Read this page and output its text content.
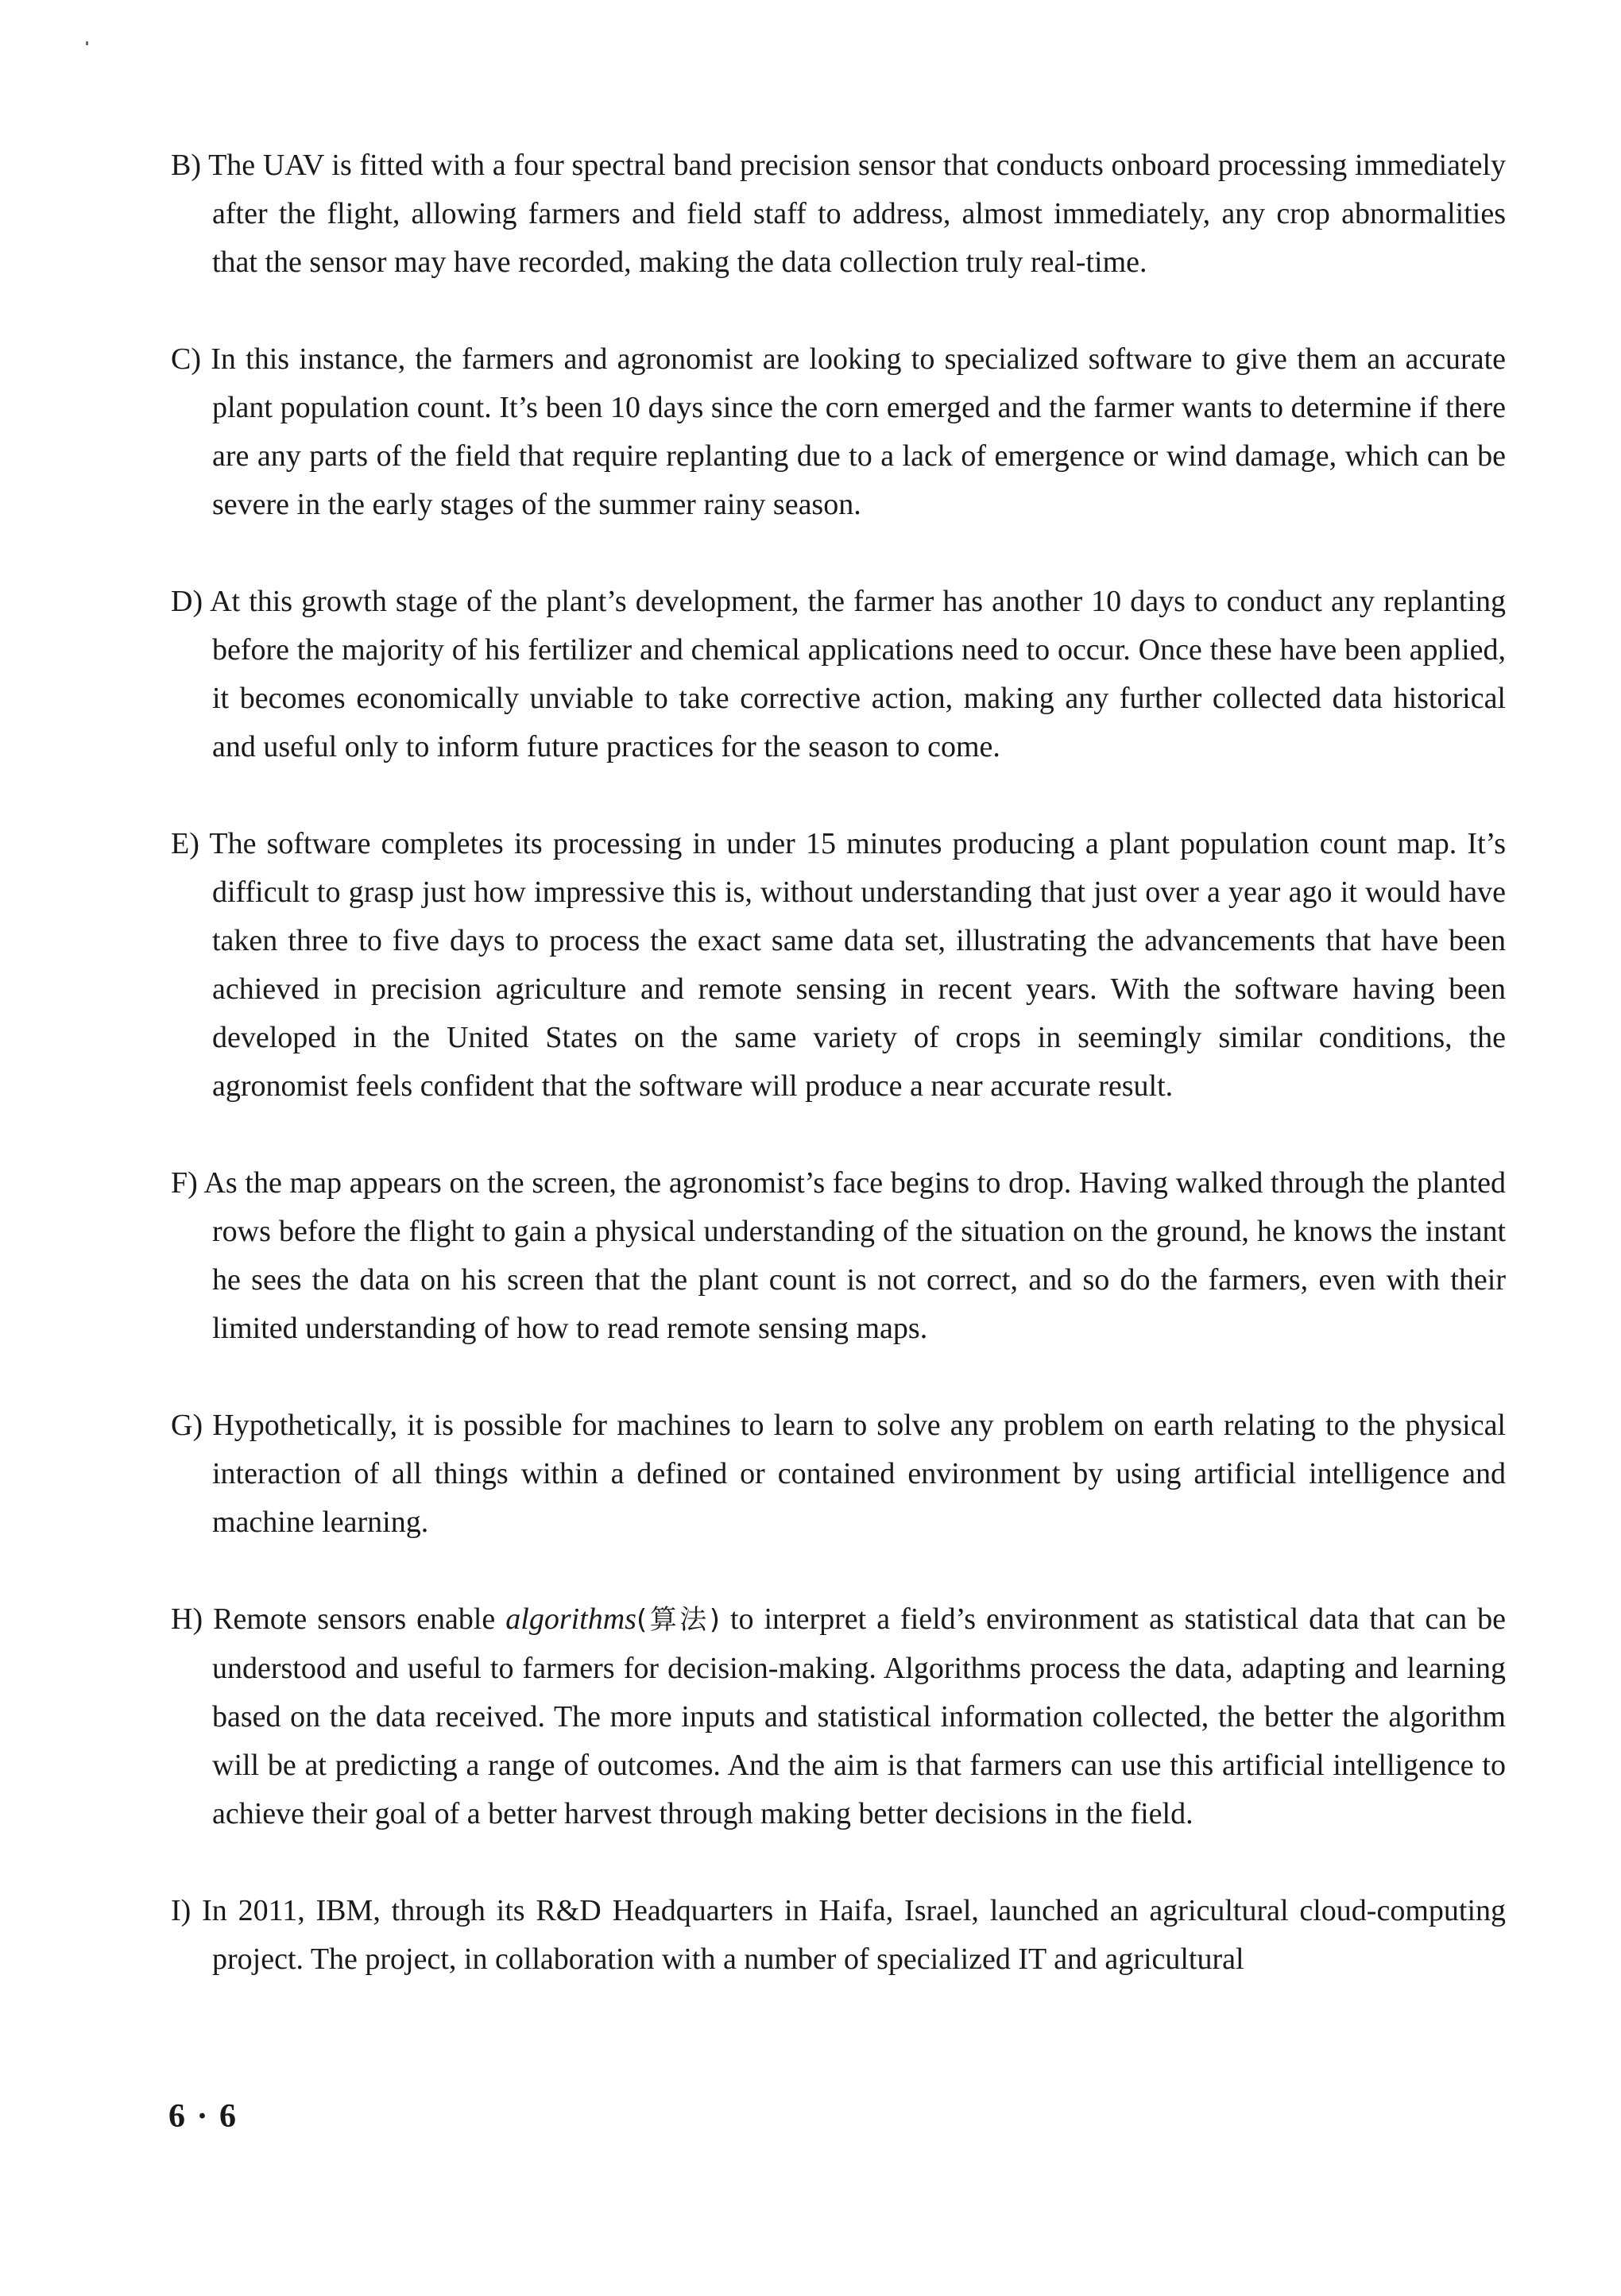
B) The UAV is fitted with a four spectral band precision sensor that conducts onboard processing immediately after the flight, allowing farmers and field staff to address, almost immediately, any crop abnormalities that the sensor may have recorded, making the data collection truly real-time.

C) In this instance, the farmers and agronomist are looking to specialized software to give them an accurate plant population count. It’s been 10 days since the corn emerged and the farmer wants to determine if there are any parts of the field that require replanting due to a lack of emergence or wind damage, which can be severe in the early stages of the summer rainy season.

D) At this growth stage of the plant’s development, the farmer has another 10 days to conduct any replanting before the majority of his fertilizer and chemical applications need to occur. Once these have been applied, it becomes economically unviable to take corrective action, making any further collected data historical and useful only to inform future practices for the season to come.

E) The software completes its processing in under 15 minutes producing a plant population count map. It’s difficult to grasp just how impressive this is, without understanding that just over a year ago it would have taken three to five days to process the exact same data set, illustrating the advancements that have been achieved in precision agriculture and remote sensing in recent years. With the software having been developed in the United States on the same variety of crops in seemingly similar conditions, the agronomist feels confident that the software will produce a near accurate result.

F) As the map appears on the screen, the agronomist’s face begins to drop. Having walked through the planted rows before the flight to gain a physical understanding of the situation on the ground, he knows the instant he sees the data on his screen that the plant count is not correct, and so do the farmers, even with their limited understanding of how to read remote sensing maps.

G) Hypothetically, it is possible for machines to learn to solve any problem on earth relating to the physical interaction of all things within a defined or contained environment by using artificial intelligence and machine learning.

H) Remote sensors enable algorithms(算法) to interpret a field’s environment as statistical data that can be understood and useful to farmers for decision-making. Algorithms process the data, adapting and learning based on the data received. The more inputs and statistical information collected, the better the algorithm will be at predicting a range of outcomes. And the aim is that farmers can use this artificial intelligence to achieve their goal of a better harvest through making better decisions in the field.

I) In 2011, IBM, through its R&D Headquarters in Haifa, Israel, launched an agricultural cloud-computing project. The project, in collaboration with a number of specialized IT and agricultural

6 · 6
